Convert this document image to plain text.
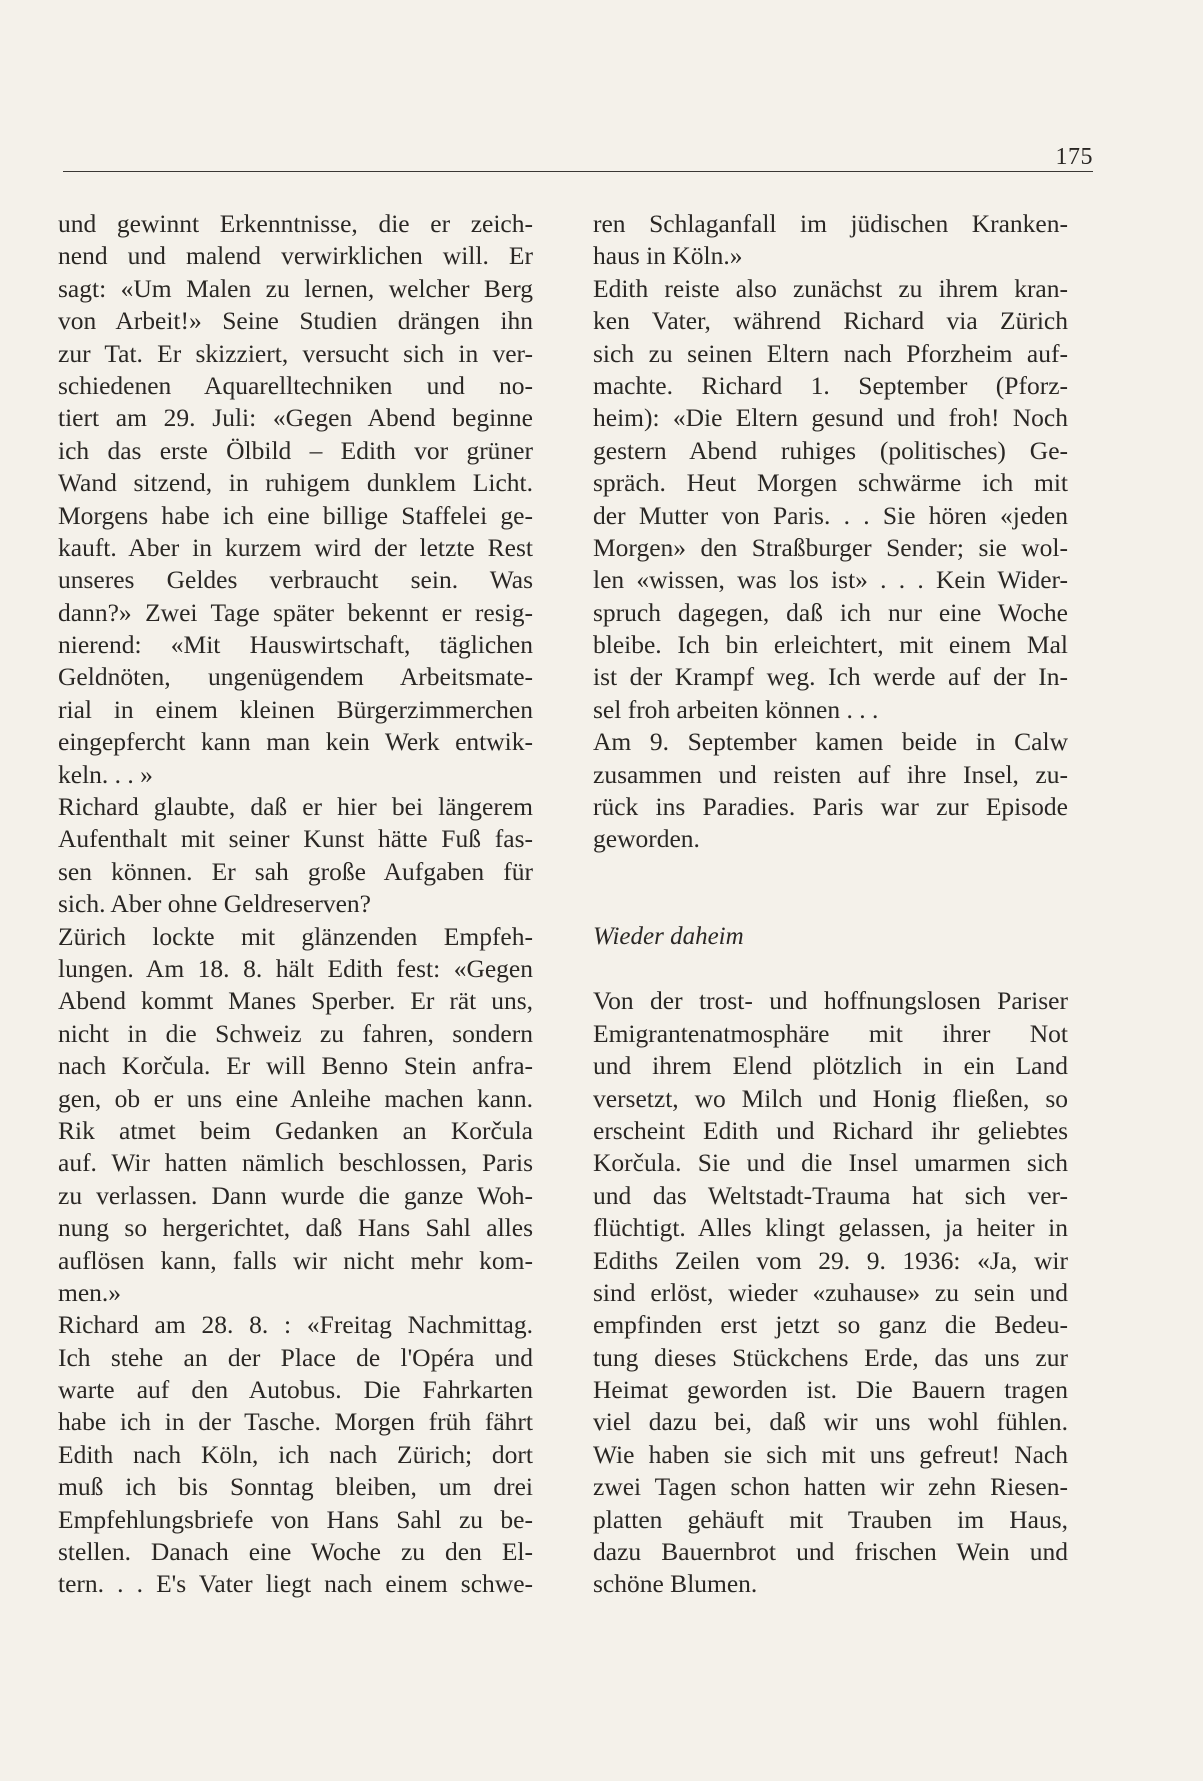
175
und gewinnt Erkenntnisse, die er zeich-
nend und malend verwirklichen will. Er
sagt: «Um Malen zu lernen, welcher Berg
von Arbeit!» Seine Studien drängen ihn
zur Tat. Er skizziert, versucht sich in ver-
schiedenen Aquarelltechniken und no-
tiert am 29. Juli: «Gegen Abend beginne
ich das erste Ölbild – Edith vor grüner
Wand sitzend, in ruhigem dunklem Licht.
Morgens habe ich eine billige Staffelei ge-
kauft. Aber in kurzem wird der letzte Rest
unseres Geldes verbraucht sein. Was
dann?» Zwei Tage später bekennt er resig-
nierend: «Mit Hauswirtschaft, täglichen
Geldnöten, ungenügendem Arbeitsmate-
rial in einem kleinen Bürgerzimmerchen
eingepfercht kann man kein Werk entwik-
keln. . . »
Richard glaubte, daß er hier bei längerem
Aufenthalt mit seiner Kunst hätte Fuß fas-
sen können. Er sah große Aufgaben für
sich. Aber ohne Geldreserven?
Zürich lockte mit glänzenden Empfeh-
lungen. Am 18. 8. hält Edith fest: «Gegen
Abend kommt Manes Sperber. Er rät uns,
nicht in die Schweiz zu fahren, sondern
nach Korčula. Er will Benno Stein anfra-
gen, ob er uns eine Anleihe machen kann.
Rik atmet beim Gedanken an Korčula
auf. Wir hatten nämlich beschlossen, Paris
zu verlassen. Dann wurde die ganze Woh-
nung so hergerichtet, daß Hans Sahl alles
auflösen kann, falls wir nicht mehr kom-
men.»
Richard am 28. 8. : «Freitag Nachmittag.
Ich stehe an der Place de l'Opéra und
warte auf den Autobus. Die Fahrkarten
habe ich in der Tasche. Morgen früh fährt
Edith nach Köln, ich nach Zürich; dort
muß ich bis Sonntag bleiben, um drei
Empfehlungsbriefe von Hans Sahl zu be-
stellen. Danach eine Woche zu den El-
tern. . . E's Vater liegt nach einem schwe-
ren Schlaganfall im jüdischen Kranken-
haus in Köln.»
Edith reiste also zunächst zu ihrem kran-
ken Vater, während Richard via Zürich
sich zu seinen Eltern nach Pforzheim auf-
machte. Richard 1. September (Pforz-
heim): «Die Eltern gesund und froh! Noch
gestern Abend ruhiges (politisches) Ge-
spräch. Heut Morgen schwärme ich mit
der Mutter von Paris. . . Sie hören «jeden
Morgen» den Straßburger Sender; sie wol-
len «wissen, was los ist» . . . Kein Wider-
spruch dagegen, daß ich nur eine Woche
bleibe. Ich bin erleichtert, mit einem Mal
ist der Krampf weg. Ich werde auf der In-
sel froh arbeiten können . . .
Am 9. September kamen beide in Calw
zusammen und reisten auf ihre Insel, zu-
rück ins Paradies. Paris war zur Episode
geworden.
Wieder daheim
Von der trost- und hoffnungslosen Pariser
Emigrantenatmosphäre mit ihrer Not
und ihrem Elend plötzlich in ein Land
versetzt, wo Milch und Honig fließen, so
erscheint Edith und Richard ihr geliebtes
Korčula. Sie und die Insel umarmen sich
und das Weltstadt-Trauma hat sich ver-
flüchtigt. Alles klingt gelassen, ja heiter in
Ediths Zeilen vom 29. 9. 1936: «Ja, wir
sind erlöst, wieder «zuhause» zu sein und
empfinden erst jetzt so ganz die Bedeu-
tung dieses Stückchens Erde, das uns zur
Heimat geworden ist. Die Bauern tragen
viel dazu bei, daß wir uns wohl fühlen.
Wie haben sie sich mit uns gefreut! Nach
zwei Tagen schon hatten wir zehn Riesen-
platten gehäuft mit Trauben im Haus,
dazu Bauernbrot und frischen Wein und
schöne Blumen.
